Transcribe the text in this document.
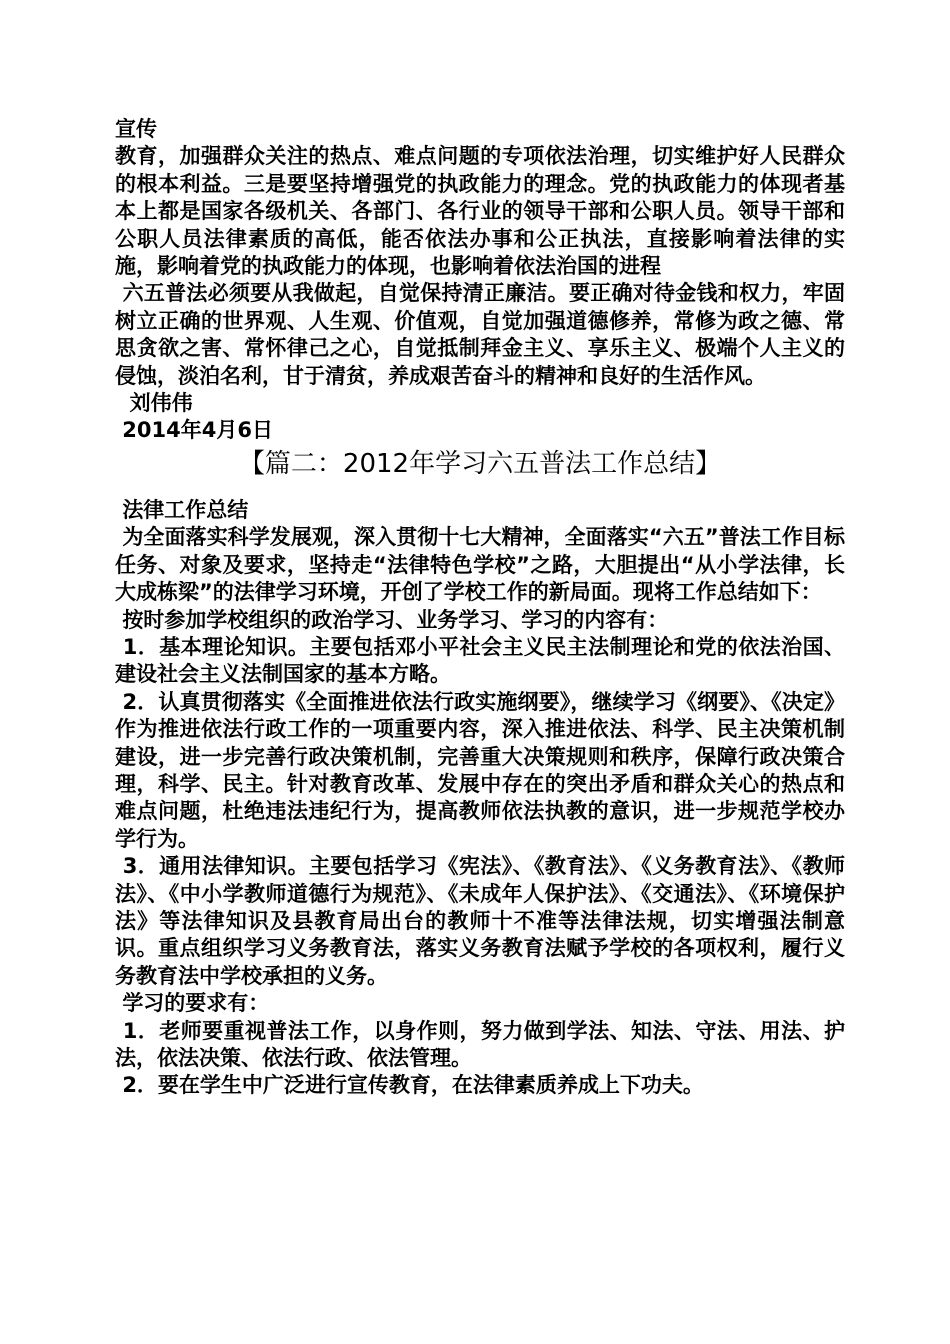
宣传

教育，加强群众关注的热点、难点问题的专项依法治理，切实维护好人民群众的根本利益。三是要坚持增强党的执政能力的理念。党的执政能力的体现者基本上都是国家各级机关、各部门、各行业的领导干部和公职人员。领导干部和公职人员法律素质的高低，能否依法办事和公正执法，直接影响着法律的实施，影响着党的执政能力的体现，也影响着依法治国的进程

六五普法必须要从我做起，自觉保持清正廉洁。要正确对待金钱和权力，牢固树立正确的世界观、人生观、价值观，自觉加强道德修养，常修为政之德、常思贪欲之害、常怀律己之心，自觉抵制拜金主义、享乐主义、极端个人主义的侵蚀，淡泊名利，甘于清贫，养成艰苦奋斗的精神和良好的生活作风。

刘伟伟

2014年4月6日

【篇二：2012年学习六五普法工作总结】

法律工作总结

为全面落实科学发展观，深入贯彻十七大精神，全面落实“六五”普法工作目标 任务、对象及要求，坚持走“法律特色学校”之路，大胆提出“从小学法律，长大成栋梁”的法律学习环境，开创了学校工作的新局面。现将工作总结如下：

按时参加学校组织的政治学习、业务学习、学习的内容有：

1．基本理论知识。主要包括邓小平社会主义民主法制理论和党的依法治国、建设社会主义法制国家的基本方略。

2．认真贯彻落实《全面推进依法行政实施纲要》，继续学习《纲要》、《决定》作为推进依法行政工作的一项重要内容，深入推进依法、科学、民主决策机制建设，进一步完善行政决策机制，完善重大决策规则和秩序，保障行政决策合理，科学、民主。针对教育改革、发展中存在的突出矛盾和群众关心的热点和难点问题，杜绝违法违纪行为，提高教师依法执教的意识，进一步规范学校办学行为。

3．通用法律知识。主要包括学习《宪法》、《教育法》、《义务教育法》、《教师法》、《中小学教师道德行为规范》、《未成年人保护法》、《交通法》、《环境保护法》等法律知识及县教育局出台的教师十不准等法律法规，切实增强法制意识。重点组织学习义务教育法，落实义务教育法赋予学校的各项权利，履行义务教育法中学校承担的义务。

学习的要求有：

1．老师要重视普法工作，以身作则，努力做到学法、知法、守法、用法、护法，依法决策、依法行政、依法管理。

2．要在学生中广泛进行宣传教育，在法律素质养成上下功夫。
